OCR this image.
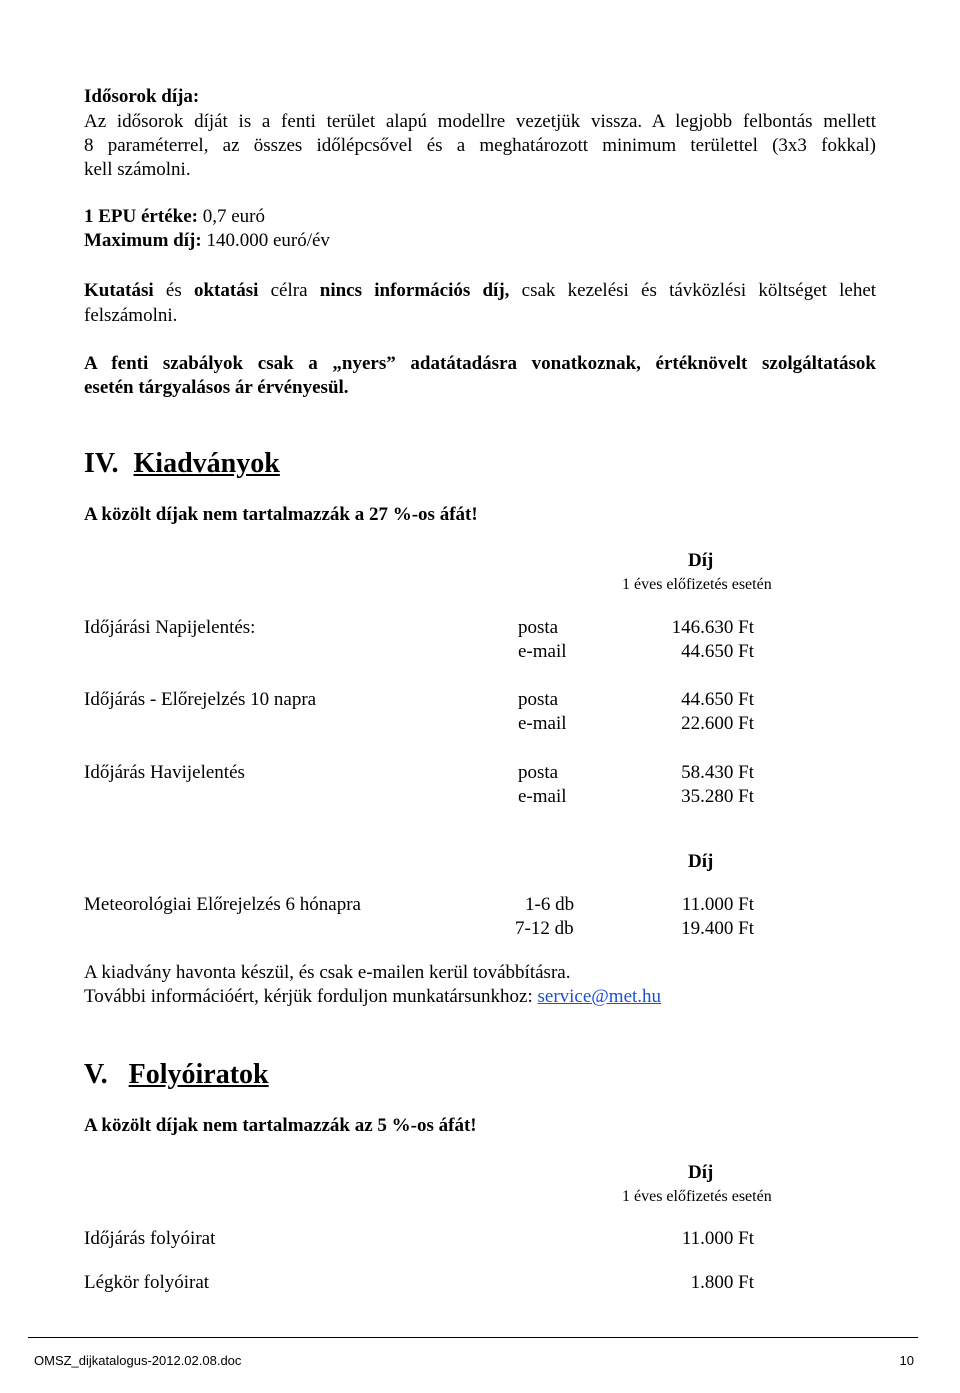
Idősorok díja:
Az idősorok díját is a fenti terület alapú modellre vezetjük vissza. A legjobb felbontás mellett
8 paraméterrel, az összes időlépcsővel és a meghatározott minimum területtel (3x3 fokkal)
kell számolni.
1 EPU értéke: 0,7 euró
Maximum díj: 140.000 euró/év
Kutatási és oktatási célra nincs információs díj, csak kezelési és távközlési költséget lehet
felszámolni.
A fenti szabályok csak a „nyers” adatátadásra vonatkoznak, értéknövelt szolgáltatások
esetén tárgyalásos ár érvényesül.
IV. Kiadványok
A közölt díjak nem tartalmazzák a 27 %-os áfát!
Díj
1 éves előfizetés esetén
Időjárási Napijelentés:	posta	146.630 Ft
e-mail	44.650 Ft
Időjárás - Előrejelzés 10 napra	posta	44.650 Ft
e-mail	22.600 Ft
Időjárás Havijelentés	posta	58.430 Ft
e-mail	35.280 Ft
Díj
Meteorológiai Előrejelzés 6 hónapra	1-6 db	11.000 Ft
7-12 db	19.400 Ft
A kiadvány havonta készül, és csak e-mailen kerül továbbításra.
További információért, kérjük forduljon munkatársunkhoz: service@met.hu
V. Folyóiratok
A közölt díjak nem tartalmazzák az 5 %-os áfát!
Díj
1 éves előfizetés esetén
Időjárás folyóirat	11.000 Ft
Légkör folyóirat	1.800 Ft
OMSZ_dijkatalogus-2012.02.08.doc	10
